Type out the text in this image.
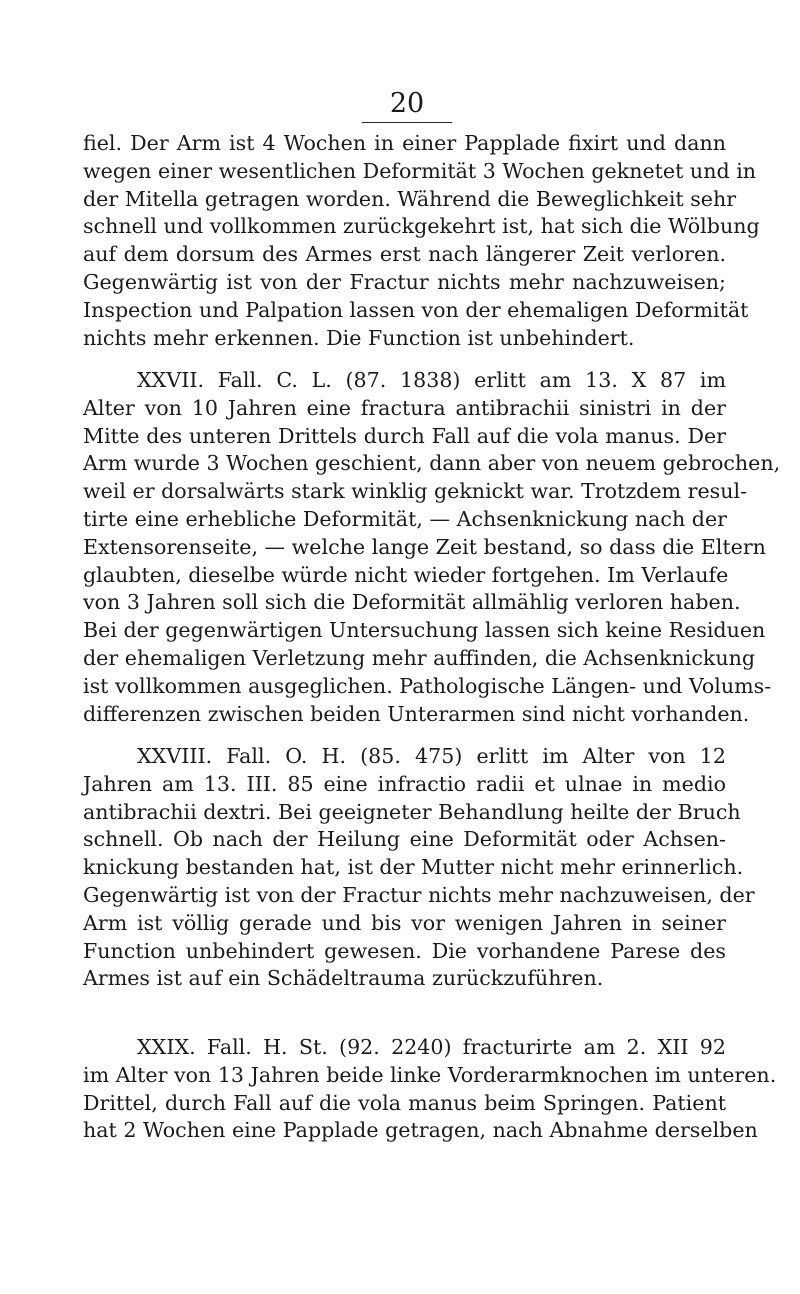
20
fiel. Der Arm ist 4 Wochen in einer Papplade fixirt und dann
wegen einer wesentlichen Deformität 3 Wochen geknetet und in
der Mitella getragen worden. Während die Beweglichkeit sehr
schnell und vollkommen zurückgekehrt ist, hat sich die Wölbung
auf dem dorsum des Armes erst nach längerer Zeit verloren.
Gegenwärtig ist von der Fractur nichts mehr nachzuweisen;
Inspection und Palpation lassen von der ehemaligen Deformität
nichts mehr erkennen. Die Function ist unbehindert.
XXVII. Fall. C. L. (87. 1838) erlitt am 13. X 87 im
Alter von 10 Jahren eine fractura antibrachii sinistri in der
Mitte des unteren Drittels durch Fall auf die vola manus. Der
Arm wurde 3 Wochen geschient, dann aber von neuem gebrochen,
weil er dorsalwärts stark winklig geknickt war. Trotzdem resul-
tirte eine erhebliche Deformität, — Achsenknickung nach der
Extensorenseite, — welche lange Zeit bestand, so dass die Eltern
glaubten, dieselbe würde nicht wieder fortgehen. Im Verlaufe
von 3 Jahren soll sich die Deformität allmählig verloren haben.
Bei der gegenwärtigen Untersuchung lassen sich keine Residuen
der ehemaligen Verletzung mehr auffinden, die Achsenknickung
ist vollkommen ausgeglichen. Pathologische Längen- und Volums-
differenzen zwischen beiden Unterarmen sind nicht vorhanden.
XXVIII. Fall. O. H. (85. 475) erlitt im Alter von 12
Jahren am 13. III. 85 eine infractio radii et ulnae in medio
antibrachii dextri. Bei geeigneter Behandlung heilte der Bruch
schnell. Ob nach der Heilung eine Deformität oder Achsen-
knickung bestanden hat, ist der Mutter nicht mehr erinnerlich.
Gegenwärtig ist von der Fractur nichts mehr nachzuweisen, der
Arm ist völlig gerade und bis vor wenigen Jahren in seiner
Function unbehindert gewesen. Die vorhandene Parese des
Armes ist auf ein Schädeltrauma zurückzuführen.
XXIX. Fall. H. St. (92. 2240) fracturirte am 2. XII 92
im Alter von 13 Jahren beide linke Vorderarmknochen im unteren.
Drittel, durch Fall auf die vola manus beim Springen. Patient
hat 2 Wochen eine Papplade getragen, nach Abnahme derselben
